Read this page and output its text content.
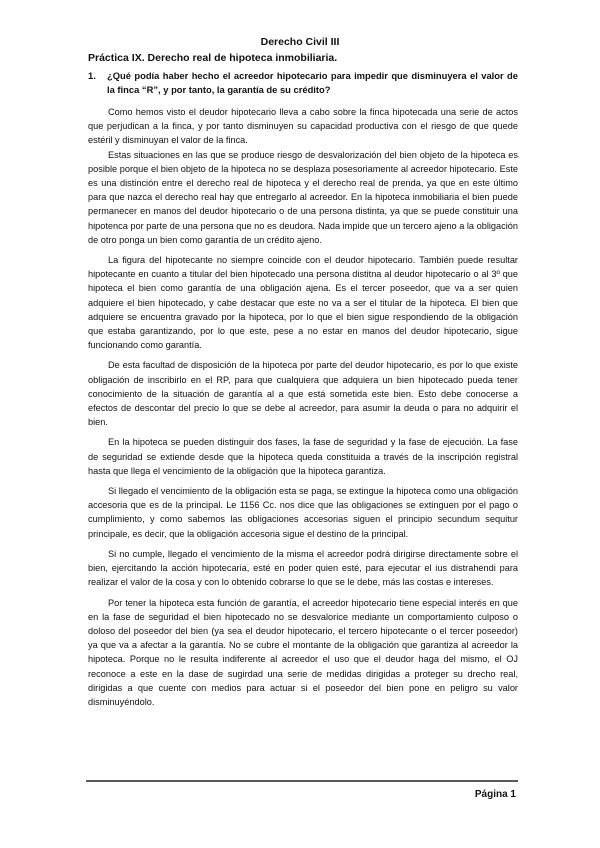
Derecho Civil III
Práctica IX. Derecho real de hipoteca inmobiliaria.
1. ¿Qué podía haber hecho el acreedor hipotecario para impedir que disminuyera el valor de la finca “R”, y por tanto, la garantía de su crédito?

Como hemos visto el deudor hipotecario lleva a cabo sobre la finca hipotecada una serie de actos que perjudican a la finca, y por tanto disminuyen su capacidad productiva con el riesgo de que quede estéril y disminuyan el valor de la finca.

Estas situaciones en las que se produce riesgo de desvalorización del bien objeto de la hipoteca es posible porque el bien objeto de la hipoteca no se desplaza posesoriamente al acreedor hipotecario. Este es una distinción entre el derecho real de hipoteca y el derecho real de prenda, ya que en este último para que nazca el derecho real hay que entregarlo al acreedor. En la hipoteca inmobiliaria el bien puede permanecer en manos del deudor hipotecario o de una persona distinta, ya que se puede constituir una hipotenca por parte de una persona que no es deudora. Nada impide que un tercero ajeno a la obligación de otro ponga un bien como garantía de un crédito ajeno.

La figura del hipotecante no siempre coincide con el deudor hipotecario. También puede resultar hipotecante en cuanto a titular del bien hipotecado una persona distitna al deudor hipotecario o al 3º que hipoteca el bien como garantía de una obligación ajena. Es el tercer poseedor, que va a ser quien adquiere el bien hipotecado, y cabe destacar que este no va a ser el titular de la hipoteca. El bien que adquiere se encuentra gravado por la hipoteca, por lo que el bien sigue respondiendo de la obligación que estaba garantizando, por lo que este, pese a no estar en manos del deudor hipotecario, sigue funcionando como garantía.

De esta facultad de disposición de la hipoteca por parte del deudor hipotecario, es por lo que existe obligación de inscribirlo en el RP, para que cualquiera que adquiera un bien hipotecado pueda tener conocimiento de la situación de garantía al a que está sometida este bien. Esto debe conocerse a efectos de descontar del precio lo que se debe al acreedor, para asumir la deuda o para no adquirir el bien.

En la hipoteca se pueden distinguir dos fases, la fase de seguridad y la fase de ejecución. La fase de seguridad se extiende desde que la hipoteca queda constituida a través de la inscripción registral hasta que llega el vencimiento de la obligación que la hipoteca garantiza.

Si llegado el vencimiento de la obligación esta se paga, se extingue la hipoteca como una obligación accesoria que es de la principal. Le 1156 Cc. nos dice que las obligaciones se extinguen por el pago o cumplimiento, y como sabemos las obligaciones accesorias siguen el principio secundum sequitur principale, es decir, que la obligación accesoria sigue el destino de la principal.

Si no cumple, llegado el vencimiento de la misma el acreedor podrá dirigirse directamente sobre el bien, ejercitando la acción hipotecaria, esté en poder quien esté, para ejecutar el ius distrahendi para realizar el valor de la cosa y con lo obtenido cobrarse lo que se le debe, más las costas e intereses.

Por tener la hipoteca esta función de garantía, el acreedor hipotecario tiene especial interés en que en la fase de seguridad el bien hipotecado no se desvalorice mediante un comportamiento culposo o doloso del poseedor del bien (ya sea el deudor hipotecario, el tercero hipotecante o el tercer poseedor) ya que va a afectar a la garantía. No se cubre el montante de la obligación que garantiza al acreedor la hipoteca. Porque no le resulta indiferente al acreedor el uso que el deudor haga del mismo, el OJ reconoce a este en la dase de sugirdad una serie de medidas dirigidas a proteger su drecho real, dirigidas a que cuente con medios para actuar si el poseedor del bien pone en peligro su valor disminuyéndolo.

Página 1
